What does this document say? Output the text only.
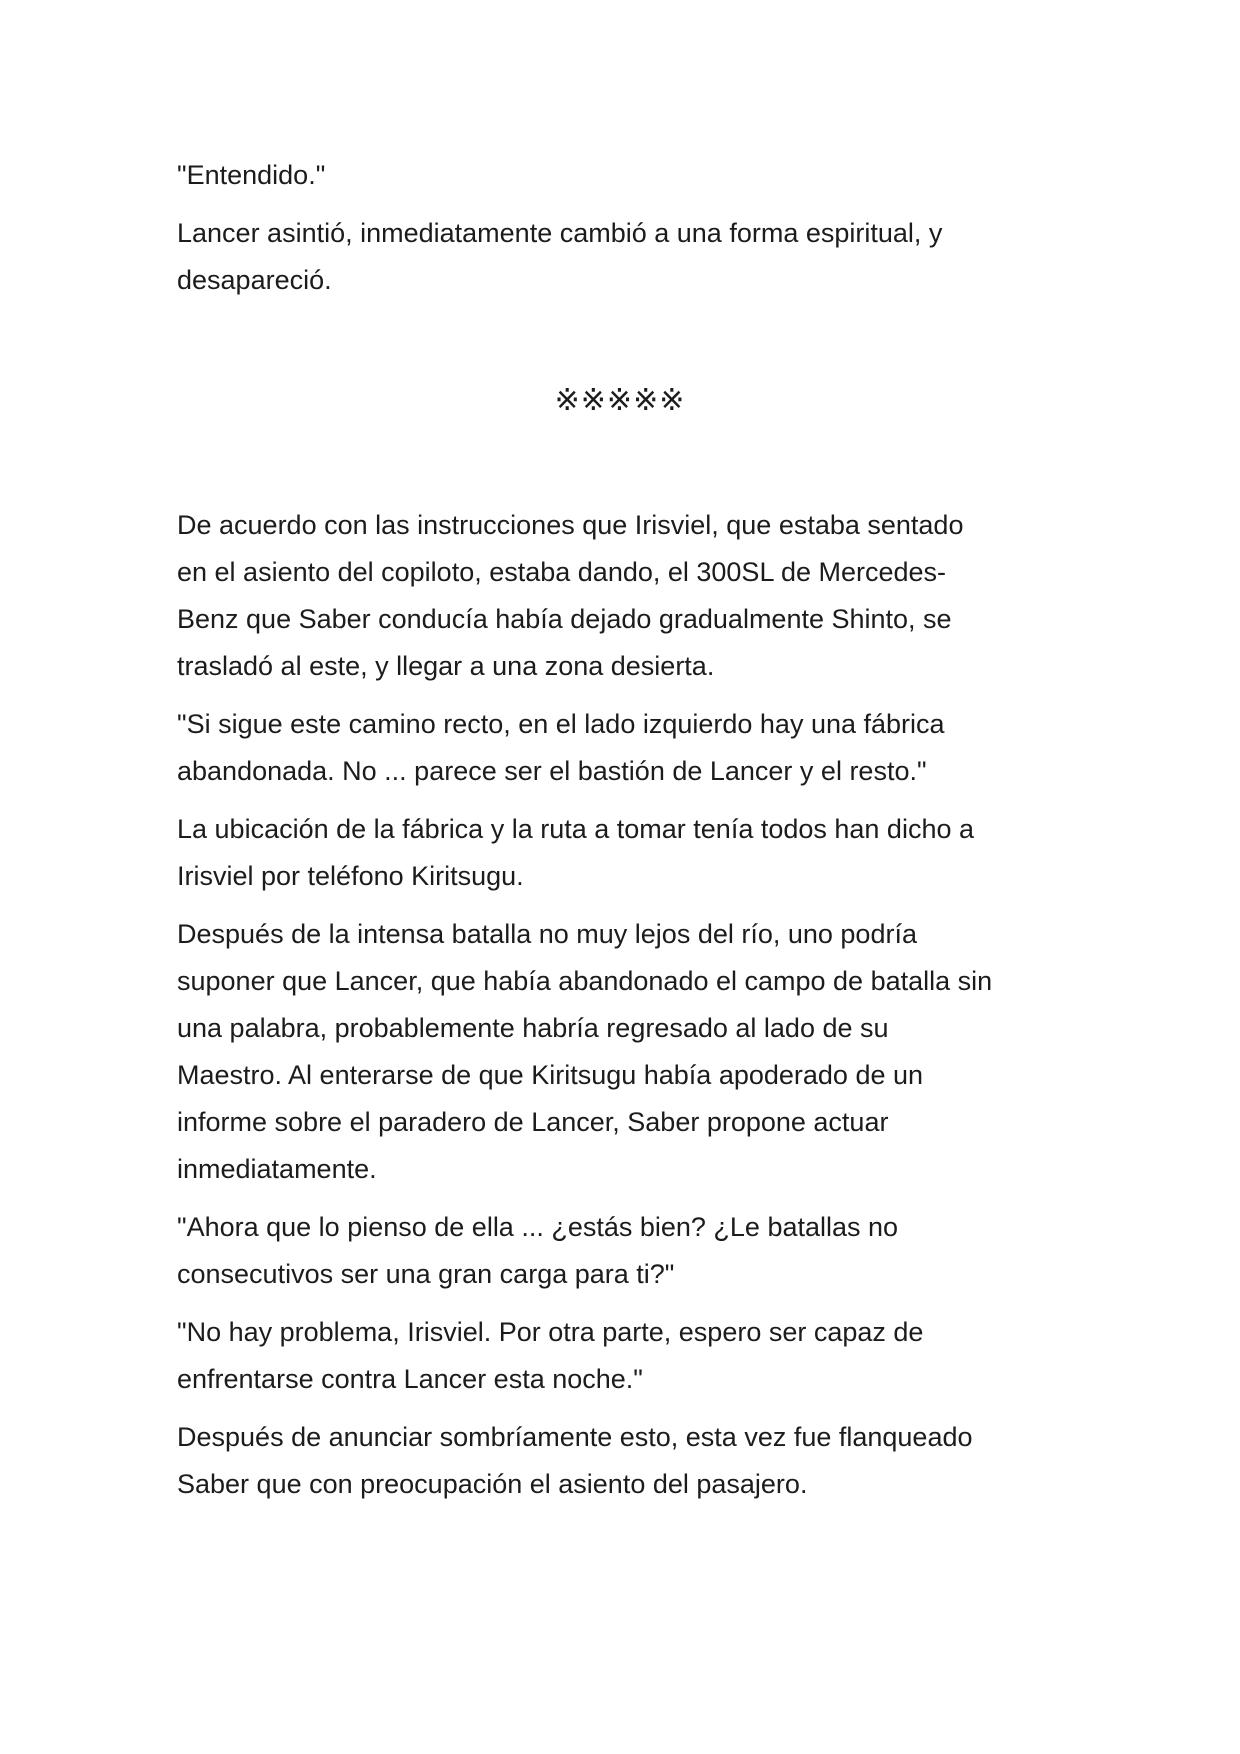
"Entendido."

Lancer asintió, inmediatamente cambió a una forma espiritual, y
desapareció.

※※※※※

De acuerdo con las instrucciones que Irisviel, que estaba sentado
en el asiento del copiloto, estaba dando, el 300SL de Mercedes-
Benz que Saber conducía había dejado gradualmente Shinto, se
trasladó al este, y llegar a una zona desierta.

"Si sigue este camino recto, en el lado izquierdo hay una fábrica
abandonada. No ... parece ser el bastión de Lancer y el resto."

La ubicación de la fábrica y la ruta a tomar tenía todos han dicho a
Irisviel por teléfono Kiritsugu.

Después de la intensa batalla no muy lejos del río, uno podría
suponer que Lancer, que había abandonado el campo de batalla sin
una palabra, probablemente habría regresado al lado de su
Maestro. Al enterarse de que Kiritsugu había apoderado de un
informe sobre el paradero de Lancer, Saber propone actuar
inmediatamente.

"Ahora que lo pienso de ella ... ¿estás bien? ¿Le batallas no
consecutivos ser una gran carga para ti?"

"No hay problema, Irisviel. Por otra parte, espero ser capaz de
enfrentarse contra Lancer esta noche."

Después de anunciar sombríamente esto, esta vez fue flanqueado
Saber que con preocupación el asiento del pasajero.
